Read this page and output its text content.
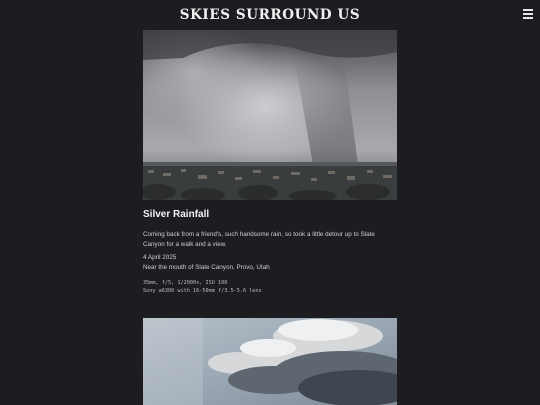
SKIES SURROUND US
Silver Rainfall
Coming back from a friend's, such handsome rain, so took a little detour up to Slate Canyon for a walk and a view.
4 April 2025
Near the mouth of Slate Canyon, Provo, Utah
35mm, f/5, 1/2000s, ISO 100
Sony a6300 with 16-50mm f/3.5-5.6 lens
